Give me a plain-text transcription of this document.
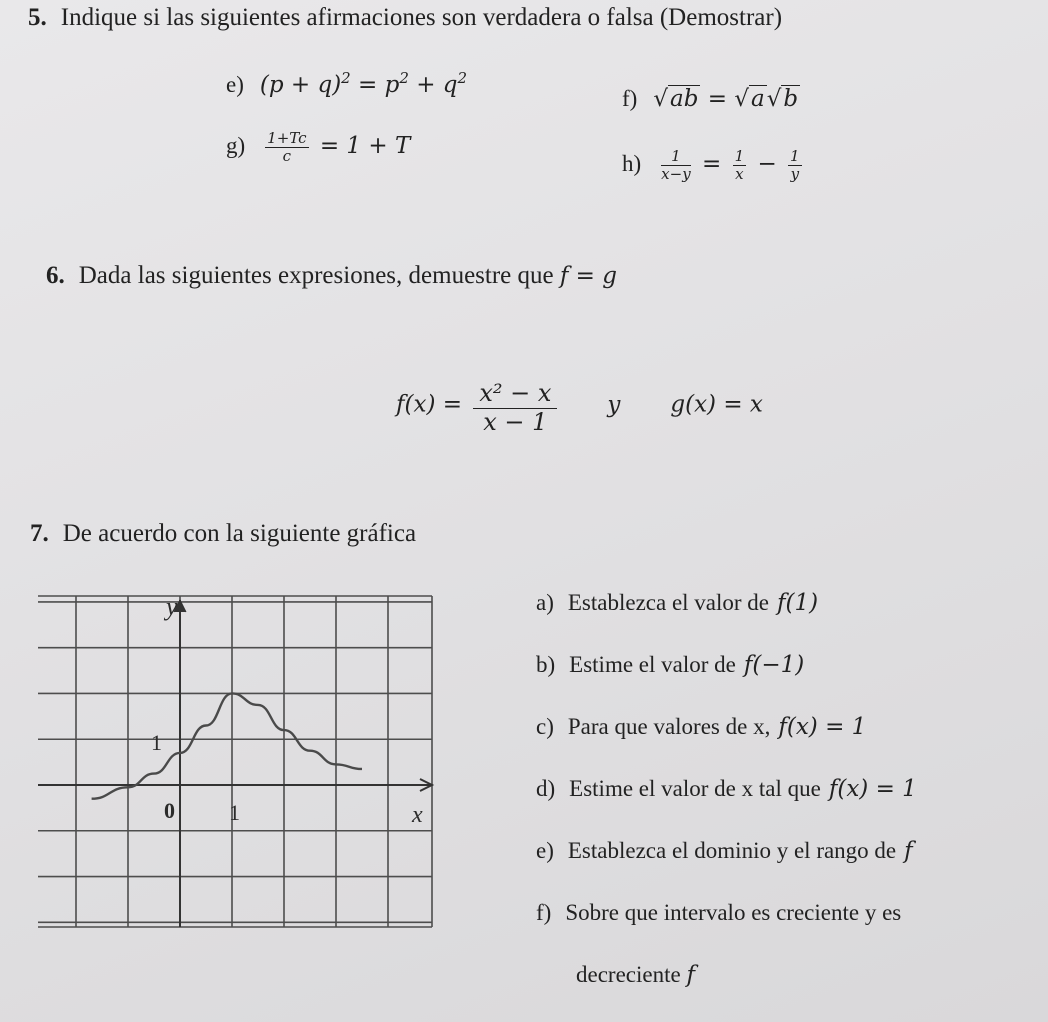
5. Indique si las siguientes afirmaciones son verdadera o falsa (Demostrar)
e) $(p + q)^2 = p^2 + q^2$
f) √ab = √a√b
$g) \frac{1+Tc}{c} = 1 + T$
$h) \frac{1}{x-y} = \frac{1}{x} - \frac{1}{y}$
6. Dada las siguientes expresiones, demuestre que f = g
$f(x) = \frac{\text{x² − x}}{x - 1}$ y g(x) = x
7. De acuerdo con la siguiente gráfica
y
x
0 1
1
a) Establezca el valor de f(1)
b) Estime el valor de f(−1)
c) Para que valores de x, f(x) = 1
d) Estime el valor de x tal que f(x) = 1
e) Establezca el dominio y el rango de f
f) Sobre que intervalo es creciente y es
decreciente f
